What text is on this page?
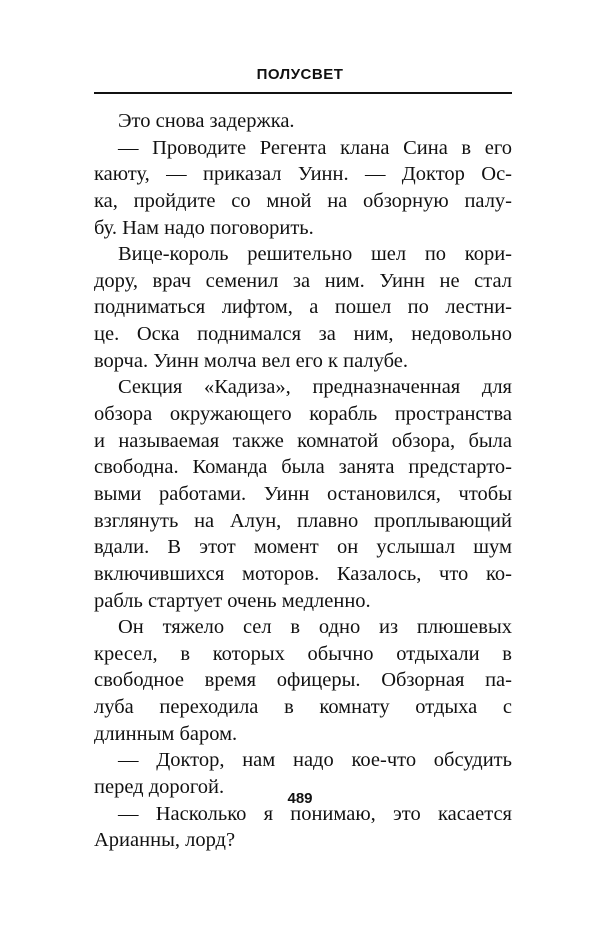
ПОЛУСВЕТ
Это снова задержка.
— Проводите Регента клана Сина в его
каюту, — приказал Уинн. — Доктор Ос-
ка, пройдите со мной на обзорную палу-
бу. Нам надо поговорить.
Вице-король решительно шел по кори-
дору, врач семенил за ним. Уинн не стал
подниматься лифтом, а пошел по лестни-
це. Оска поднимался за ним, недовольно
ворча. Уинн молча вел его к палубе.
Секция «Кадиза», предназначенная для
обзора окружающего корабль пространства
и называемая также комнатой обзора, была
свободна. Команда была занята предстарто-
выми работами. Уинн остановился, чтобы
взглянуть на Алун, плавно проплывающий
вдали. В этот момент он услышал шум
включившихся моторов. Казалось, что ко-
рабль стартует очень медленно.
Он тяжело сел в одно из плюшевых
кресел, в которых обычно отдыхали в
свободное время офицеры. Обзорная па-
луба переходила в комнату отдыха с
длинным баром.
— Доктор, нам надо кое-что обсудить
перед дорогой.
— Насколько я понимаю, это касается
Арианны, лорд?
489
